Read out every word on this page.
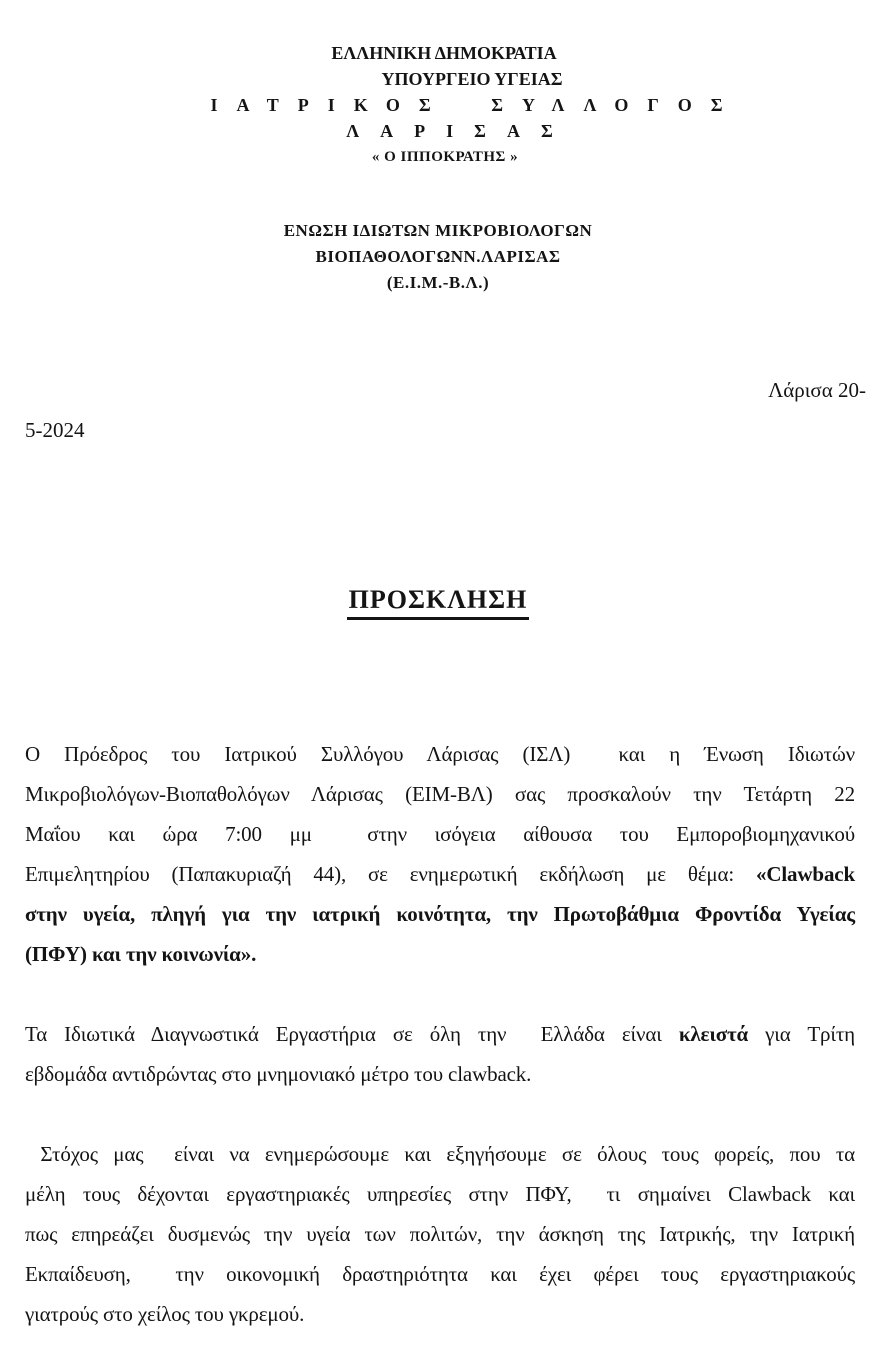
ΕΛΛΗΝΙΚΗ ΔΗΜΟΚΡΑΤΙΑ
ΥΠΟΥΡΓΕΙΟ ΥΓΕΙΑΣ
ΙΑΤΡΙΚΟΣ ΣΥΛΛΟΓΟΣ
ΛΑΡΙΣΑΣ
« Ο ΙΠΠΟΚΡΑΤΗΣ »
ΕΝΩΣΗ ΙΔΙΩΤΩΝ ΜΙΚΡΟΒΙΟΛΟΓΩΝ
ΒΙΟΠΑΘΟΛΟΓΩΝΝ.ΛΑΡΙΣΑΣ
(Ε.Ι.Μ.-Β.Λ.)
Λάρισα 20-
5-2024
ΠΡΟΣΚΛΗΣΗ
Ο Πρόεδρος του Ιατρικού Συλλόγου Λάρισας (ΙΣΛ)  και η Ένωση Ιδιωτών
Μικροβιολόγων-Βιοπαθολόγων Λάρισας (ΕΙΜ-ΒΛ) σας προσκαλούν την Τετάρτη 22
Μαΐου και ώρα 7:00 μμ  στην ισόγεια αίθουσα του Εμποροβιομηχανικού
Επιμελητηρίου (Παπακυριαζή 44), σε ενημερωτική εκδήλωση με θέμα: «Clawback
στην υγεία, πληγή για την ιατρική κοινότητα, την Πρωτοβάθμια Φροντίδα Υγείας
(ΠΦΥ) και την κοινωνία».
Τα Ιδιωτικά Διαγνωστικά Εργαστήρια σε όλη την  Ελλάδα είναι κλειστά για Τρίτη
εβδομάδα αντιδρώντας στο μνημονιακό μέτρο του clawback.
Στόχος μας  είναι να ενημερώσουμε και εξηγήσουμε σε όλους τους φορείς, που τα
μέλη τους δέχονται εργαστηριακές υπηρεσίες στην ΠΦΥ,  τι σημαίνει Clawback και
πως επηρεάζει δυσμενώς την υγεία των πολιτών, την άσκηση της Ιατρικής, την Ιατρική
Εκπαίδευση,  την οικονομική δραστηριότητα και έχει φέρει τους εργαστηριακούς
γιατρούς στο χείλος του γκρεμού.
